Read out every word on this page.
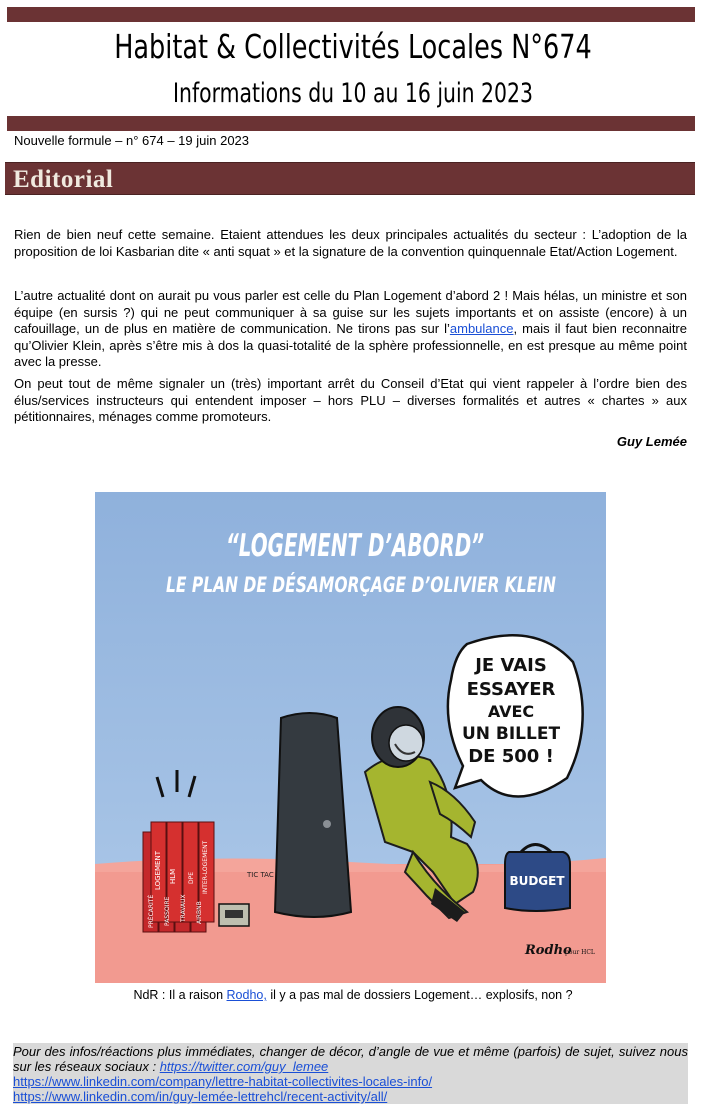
Habitat & Collectivités Locales N°674
Informations du 10 au 16 juin 2023
Nouvelle formule – n° 674 – 19 juin 2023
Editorial

Rien de bien neuf cette semaine. Etaient attendues les deux principales actualités du secteur : L’adoption de la proposition de loi Kasbarian dite « anti squat » et la signature de la convention quinquennale Etat/Action Logement.

L’autre actualité dont on aurait pu vous parler est celle du Plan Logement d’abord 2 ! Mais hélas, un ministre et son équipe (en sursis ?) qui ne peut communiquer à sa guise sur les sujets importants et on assiste (encore) à un cafouillage, un de plus en matière de communication. Ne tirons pas sur l’ambulance, mais il faut bien reconnaitre qu’Olivier Klein, après s’être mis à dos la quasi-totalité de la sphère professionnelle, en est presque au même point avec la presse.

On peut tout de même signaler un (très) important arrêt du Conseil d’Etat qui vient rappeler à l’ordre bien des élus/services instructeurs qui entendent imposer – hors PLU – diverses formalités et autres « chartes » aux pétitionnaires, ménages comme promoteurs.

Guy Lemée
“LOGEMENT D’ABORD”
LE PLAN DE DÉSAMORÇAGE D’OLIVIER KLEIN
JE VAIS
ESSAYER
AVEC
UN BILLET
DE 500 !
BUDGET
LOGEMENT HLM	INTER-LOGEMENT
TRAVAUX
PASSOIRE	AIRBNB
DPE
PRÉCARITÉ
TIC TAC
Rodho
pour HCL
NdR : Il a raison Rodho, il y a pas mal de dossiers Logement… explosifs, non ?
Pour des infos/réactions plus immédiates, changer de décor, d’angle de vue et même (parfois) de sujet, suivez nous sur les réseaux sociaux : https://twitter.com/guy_lemee
https://www.linkedin.com/company/lettre-habitat-collectivites-locales-info/
https://www.linkedin.com/in/guy-lemée-lettrehcl/recent-activity/all/
